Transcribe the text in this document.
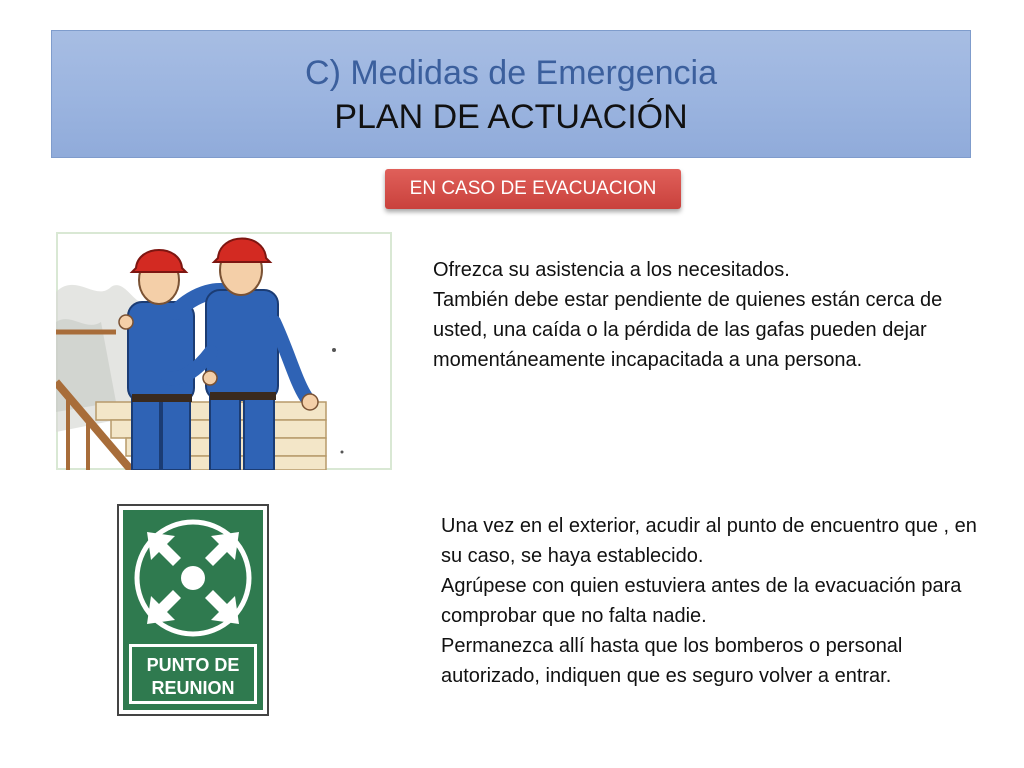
C) Medidas de Emergencia
PLAN DE ACTUACIÓN
EN CASO DE EVACUACION

Ofrezca su asistencia a los necesitados.

También debe estar pendiente de quienes están cerca de usted, una caída o la pérdida de las gafas pueden dejar momentáneamente incapacitada a una persona.

PUNTO DE
REUNION

Una vez en el exterior, acudir al punto de encuentro que , en su caso, se haya establecido.

Agrúpese con quien estuviera antes de la evacuación para comprobar que no falta nadie.

Permanezca allí hasta que los bomberos o personal autorizado, indiquen que es seguro volver a entrar.
